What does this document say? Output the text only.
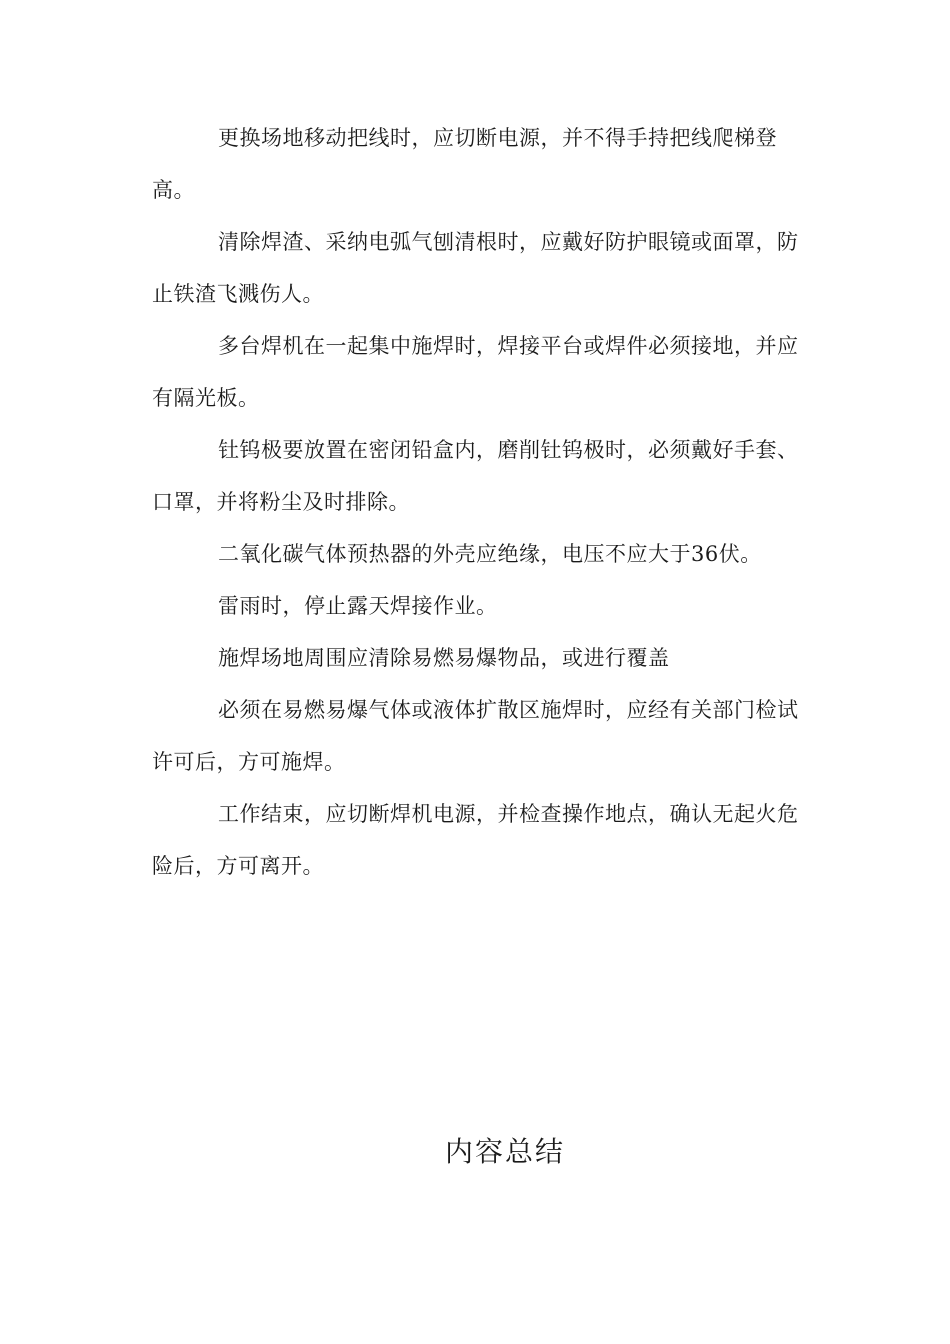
更换场地移动把线时，应切断电源，并不得手持把线爬梯登高。

清除焊渣、采纳电弧气刨清根时，应戴好防护眼镜或面罩，防止铁渣飞溅伤人。

多台焊机在一起集中施焊时，焊接平台或焊件必须接地，并应有隔光板。

钍钨极要放置在密闭铅盒内，磨削钍钨极时，必须戴好手套、口罩，并将粉尘及时排除。

二氧化碳气体预热器的外壳应绝缘，电压不应大于36伏。

雷雨时，停止露天焊接作业。

施焊场地周围应清除易燃易爆物品，或进行覆盖

必须在易燃易爆气体或液体扩散区施焊时，应经有关部门检试许可后，方可施焊。

工作结束，应切断焊机电源，并检查操作地点，确认无起火危险后，方可离开。

内容总结
